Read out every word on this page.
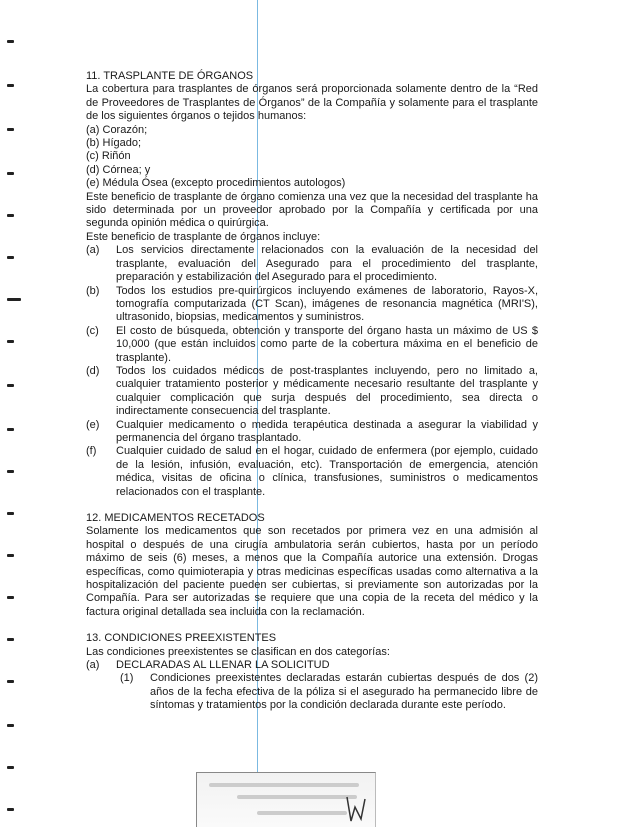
11. TRASPLANTE DE ÓRGANOS

La cobertura para trasplantes de órganos será proporcionada solamente dentro de la “Red de Proveedores de Trasplantes de Órganos” de la Compañía y solamente para el trasplante de los siguientes órganos o tejidos humanos:

(a) Corazón;

(b) Hígado;

(c) Riñón

(d) Córnea; y

(e) Médula Ósea (excepto procedimientos autologos)

Este beneficio de trasplante de órgano comienza una vez que la necesidad del trasplante ha sido determinada por un proveedor aprobado por la Compañía y certificada por una segunda opinión médica o quirúrgica.

Este beneficio de trasplante de órganos incluye:

(a)	Los servicios directamente relacionados con la evaluación de la necesidad del trasplante, evaluación del Asegurado para el procedimiento del trasplante, preparación y estabilización del Asegurado para el procedimiento.
(b)	Todos los estudios pre-quirúrgicos incluyendo exámenes de laboratorio, Rayos-X, tomografía computarizada (CT Scan), imágenes de resonancia magnética (MRI'S), ultrasonido, biopsias, medicamentos y suministros.
(c)	El costo de búsqueda, obtención y transporte del órgano hasta un máximo de US $ 10,000 (que están incluidos como parte de la cobertura máxima en el beneficio de trasplante).
(d)	Todos los cuidados médicos de post-trasplantes incluyendo, pero no limitado a, cualquier tratamiento posterior y médicamente necesario resultante del trasplante y cualquier complicación que surja después del procedimiento, sea directa o indirectamente consecuencia del trasplante.
(e)	Cualquier medicamento o medida terapéutica destinada a asegurar la viabilidad y permanencia del órgano trasplantado.
(f)	Cualquier cuidado de salud en el hogar, cuidado de enfermera (por ejemplo, cuidado de la lesión, infusión, evaluación, etc). Transportación de emergencia, atención médica, visitas de oficina o clínica, transfusiones, suministros o medicamentos relacionados con el trasplante.

12. MEDICAMENTOS RECETADOS

Solamente los medicamentos que son recetados por primera vez en una admisión al hospital o después de una cirugía ambulatoria serán cubiertos, hasta por un período máximo de seis (6) meses, a menos que la Compañía autorice una extensión. Drogas específicas, como quimioterapia y otras medicinas específicas usadas como alternativa a la hospitalización del paciente pueden ser cubiertas, si previamente son autorizadas por la Compañía. Para ser autorizadas se requiere que una copia de la receta del médico y la factura original detallada sea incluida con la reclamación.

13. CONDICIONES PREEXISTENTES

Las condiciones preexistentes se clasifican en dos categorías:

(a)	DECLARADAS AL LLENAR LA SOLICITUD
(1)	Condiciones preexistentes declaradas estarán cubiertas después de dos (2) años de la fecha efectiva de la póliza si el asegurado ha permanecido libre de síntomas y tratamientos por la condición declarada durante este período.
